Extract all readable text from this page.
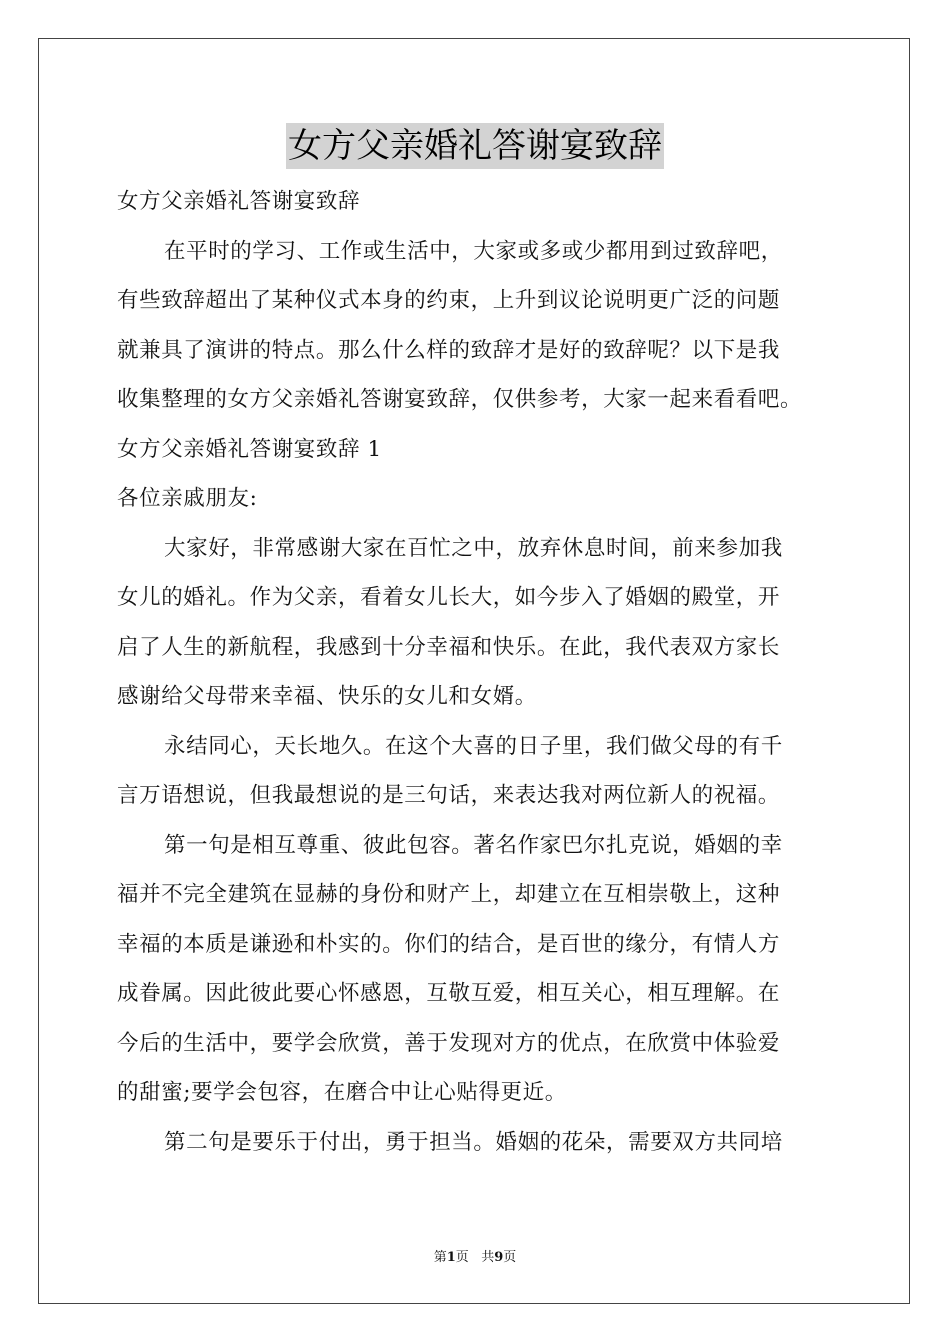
女方父亲婚礼答谢宴致辞
女方父亲婚礼答谢宴致辞
在平时的学习、工作或生活中，大家或多或少都用到过致辞吧，
有些致辞超出了某种仪式本身的约束，上升到议论说明更广泛的问题
就兼具了演讲的特点。那么什么样的致辞才是好的致辞呢？以下是我
收集整理的女方父亲婚礼答谢宴致辞，仅供参考，大家一起来看看吧。
女方父亲婚礼答谢宴致辞 1
各位亲戚朋友:
大家好，非常感谢大家在百忙之中，放弃休息时间，前来参加我
女儿的婚礼。作为父亲，看着女儿长大，如今步入了婚姻的殿堂，开
启了人生的新航程，我感到十分幸福和快乐。在此，我代表双方家长
感谢给父母带来幸福、快乐的女儿和女婿。
永结同心，天长地久。在这个大喜的日子里，我们做父母的有千
言万语想说，但我最想说的是三句话，来表达我对两位新人的祝福。
第一句是相互尊重、彼此包容。著名作家巴尔扎克说，婚姻的幸
福并不完全建筑在显赫的身份和财产上，却建立在互相崇敬上，这种
幸福的本质是谦逊和朴实的。你们的结合，是百世的缘分，有情人方
成眷属。因此彼此要心怀感恩，互敬互爱，相互关心，相互理解。在
今后的生活中，要学会欣赏，善于发现对方的优点，在欣赏中体验爱
的甜蜜;要学会包容，在磨合中让心贴得更近。
第二句是要乐于付出，勇于担当。婚姻的花朵，需要双方共同培
第1页 共9页
